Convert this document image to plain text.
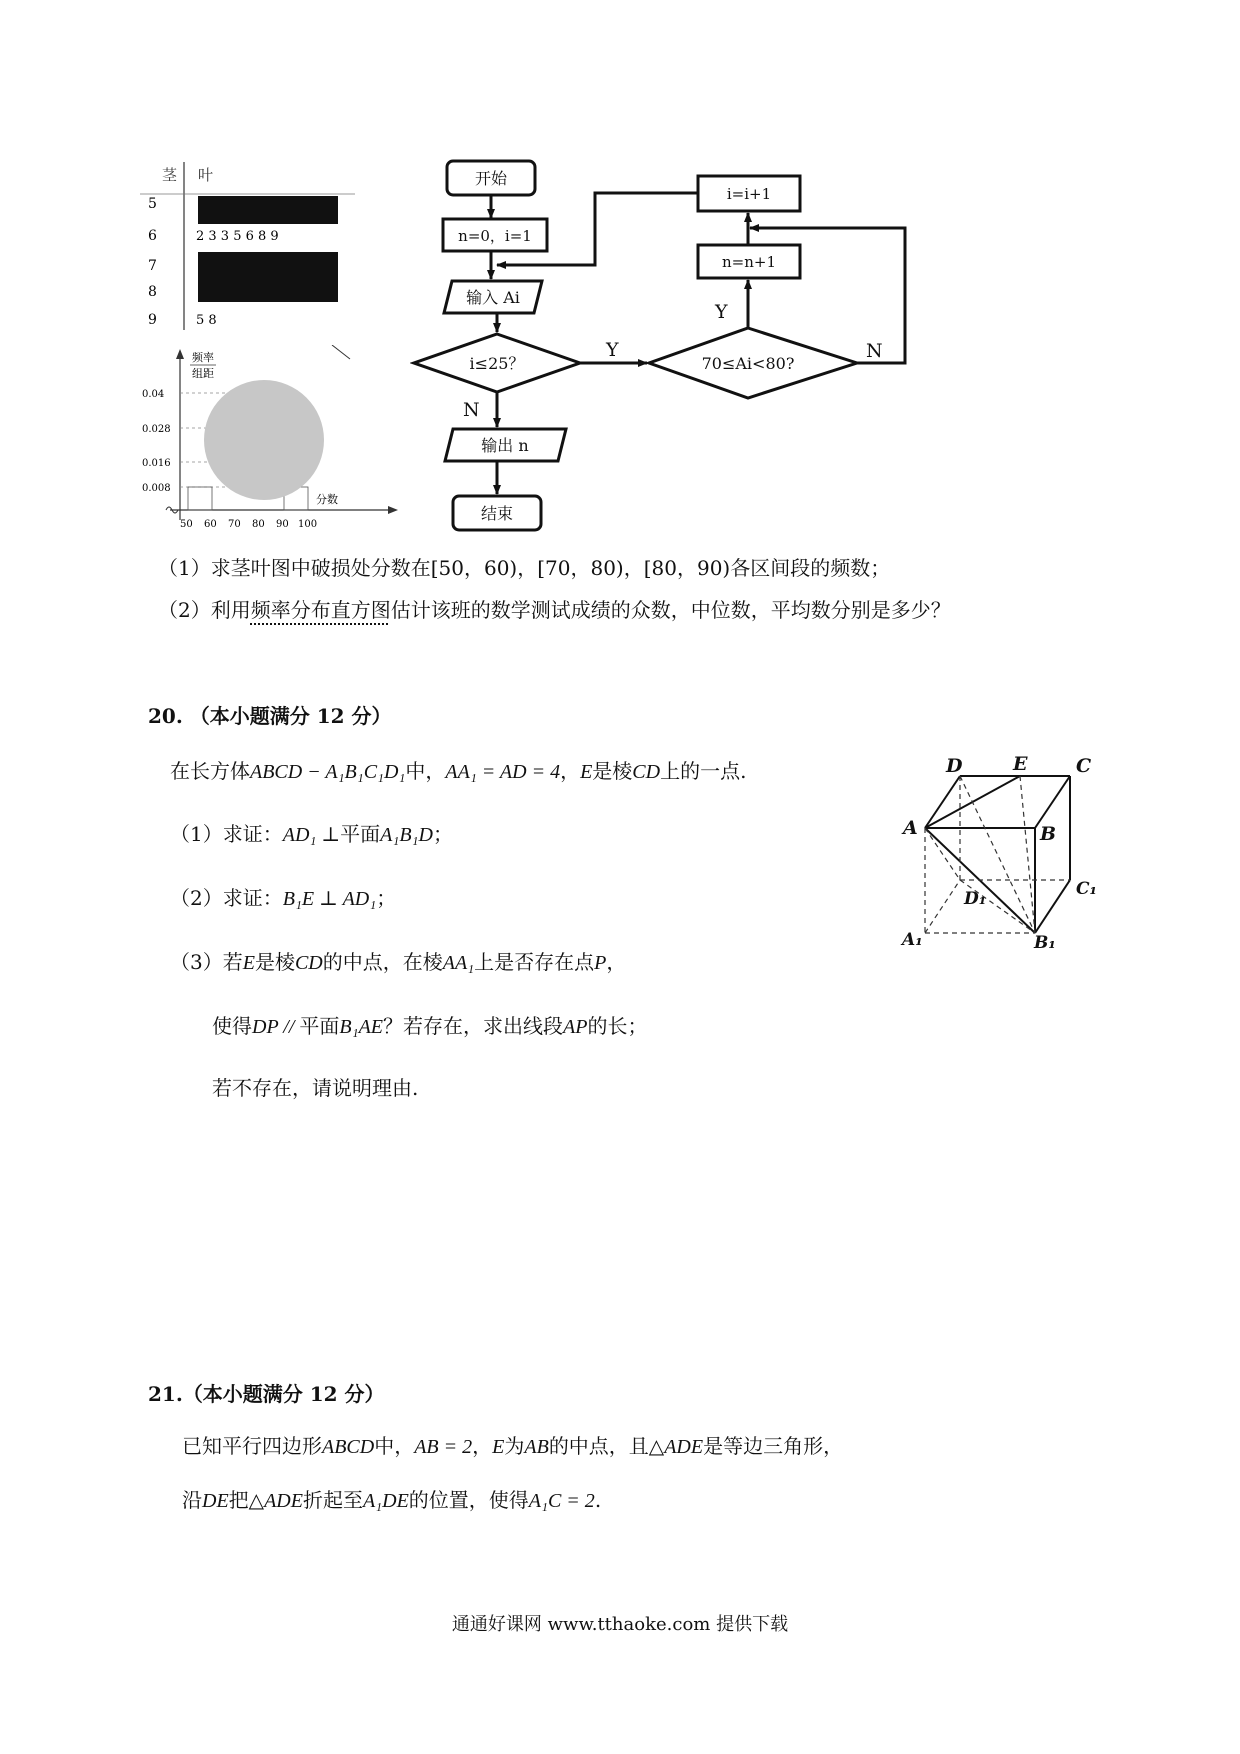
茎 叶
5
6	2 3 3 5 6 8 9
7
8
9	5 8
频率
组距
0.04
0.028
0.016
0.008
分数
50 60 70 80 90 100
开始
n=0，i=1
输入 Ai
i≤25？
输出 n
结束
70≤Ai<80?
n=n+1
i=i+1
Y
Y
N
N
（1）求茎叶图中破损处分数在[50，60)，[70，80)，[80，90)各区间段的频数；
（2）利用频率分布直方图估计该班的数学测试成绩的众数，中位数，平均数分别是多少？
20. （本小题满分 12 分）
在长方体ABCD − A₁B₁C₁D₁中，AA₁ = AD = 4，E是棱CD上的一点.
（1）求证：AD₁ ⊥平面A₁B₁D；
（2）求证：B₁E ⊥ AD₁；
（3）若E是棱CD的中点，在棱AA₁上是否存在点P，
使得DP // 平面B₁AE？若存在，求出线段AP的长；
若不存在，请说明理由.
D	E	C
A	B
D₁	C₁
A₁	B₁
21.（本小题满分 12 分）
已知平行四边形ABCD中，AB = 2，E为AB的中点，且△ADE是等边三角形，
沿DE把△ADE折起至A₁DE的位置，使得A₁C = 2.
通通好课网 www.tthaoke.com 提供下载
